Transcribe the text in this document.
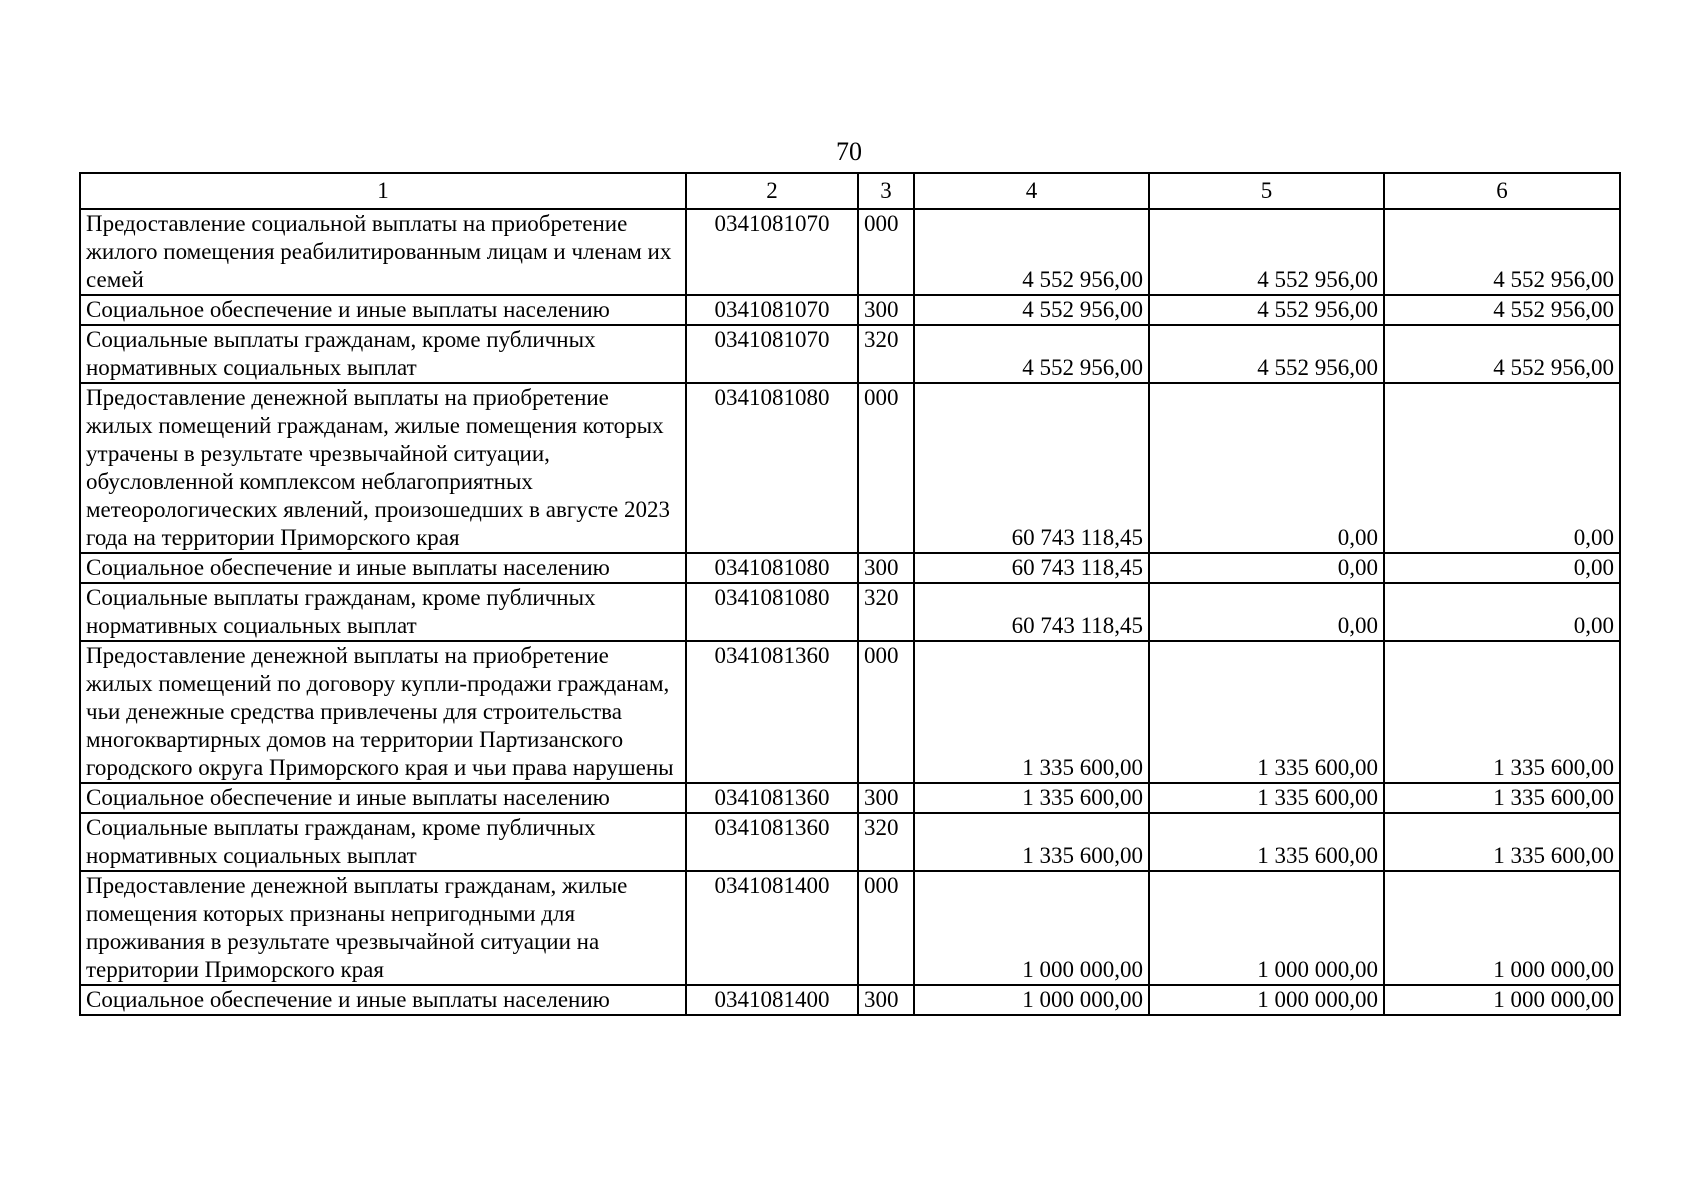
70
1	2	3	4	5	6
Предоставление социальной выплаты на приобретение жилого помещения реабилитированным лицам и членам их семей	0341081070	000	4 552 956,00	4 552 956,00	4 552 956,00
Социальное обеспечение и иные выплаты населению	0341081070	300	4 552 956,00	4 552 956,00	4 552 956,00
Социальные выплаты гражданам, кроме публичных нормативных социальных выплат	0341081070	320	4 552 956,00	4 552 956,00	4 552 956,00
Предоставление денежной выплаты на приобретение жилых помещений гражданам, жилые помещения которых утрачены в результате чрезвычайной ситуации, обусловленной комплексом неблагоприятных метеорологических явлений, произошедших в августе 2023 года на территории Приморского края	0341081080	000	60 743 118,45	0,00	0,00
Социальное обеспечение и иные выплаты населению	0341081080	300	60 743 118,45	0,00	0,00
Социальные выплаты гражданам, кроме публичных нормативных социальных выплат	0341081080	320	60 743 118,45	0,00	0,00
Предоставление денежной выплаты на приобретение жилых помещений по договору купли-продажи гражданам, чьи денежные средства привлечены для строительства многоквартирных домов на территории Партизанского городского округа Приморского края и чьи права нарушены	0341081360	000	1 335 600,00	1 335 600,00	1 335 600,00
Социальное обеспечение и иные выплаты населению	0341081360	300	1 335 600,00	1 335 600,00	1 335 600,00
Социальные выплаты гражданам, кроме публичных нормативных социальных выплат	0341081360	320	1 335 600,00	1 335 600,00	1 335 600,00
Предоставление денежной выплаты гражданам, жилые помещения которых признаны непригодными для проживания в результате чрезвычайной ситуации на территории Приморского края	0341081400	000	1 000 000,00	1 000 000,00	1 000 000,00
Социальное обеспечение и иные выплаты населению	0341081400	300	1 000 000,00	1 000 000,00	1 000 000,00
